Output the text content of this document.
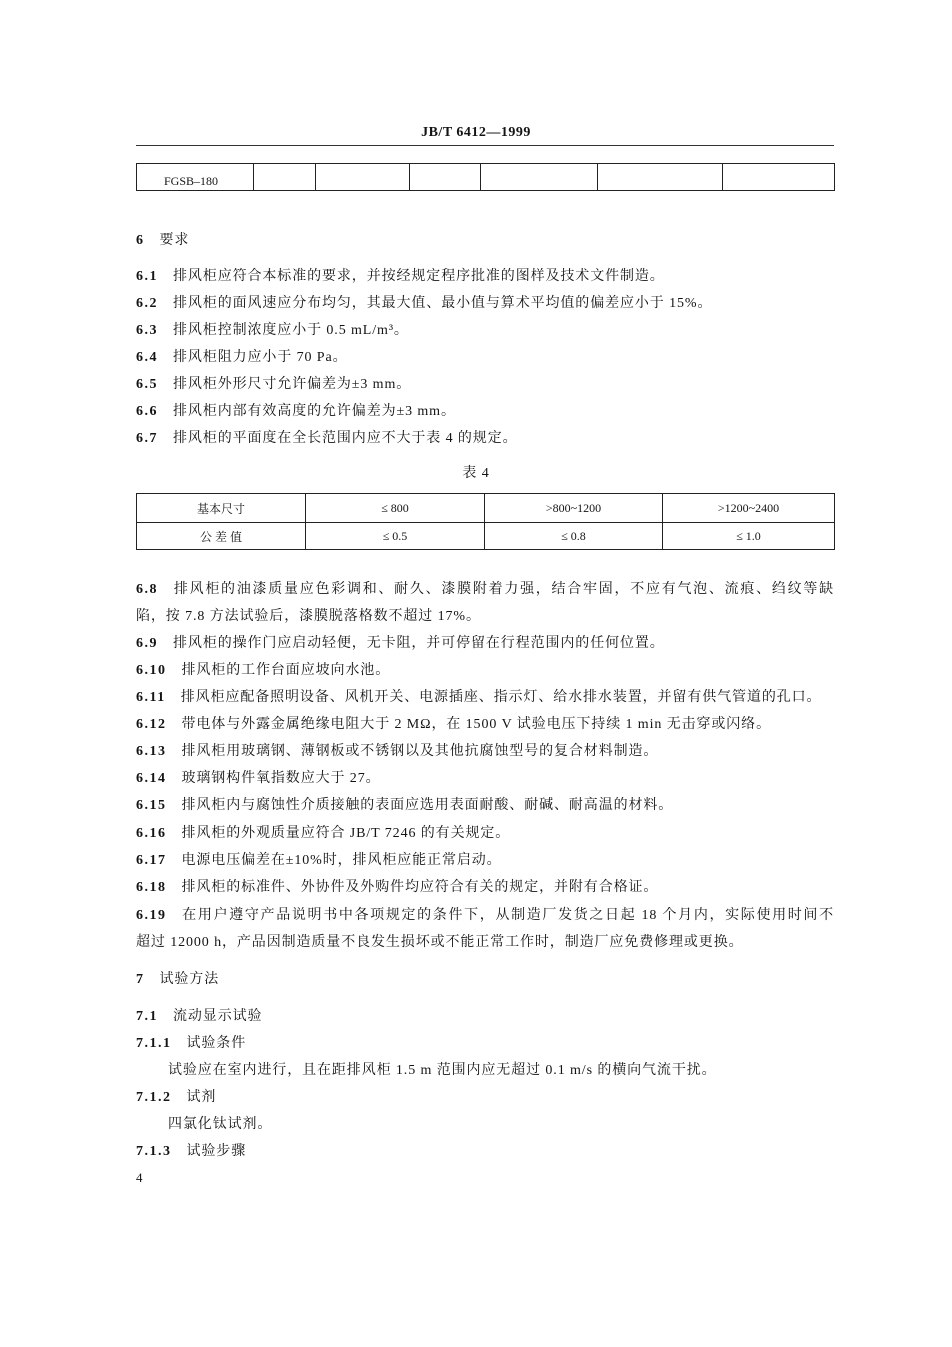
JB/T 6412—1999
FGSB–180						
6 要求
6.1 排风柜应符合本标准的要求，并按经规定程序批准的图样及技术文件制造。
6.2 排风柜的面风速应分布均匀，其最大值、最小值与算术平均值的偏差应小于 15%。
6.3 排风柜控制浓度应小于 0.5 mL/m³。
6.4 排风柜阻力应小于 70 Pa。
6.5 排风柜外形尺寸允许偏差为±3 mm。
6.6 排风柜内部有效高度的允许偏差为±3 mm。
6.7 排风柜的平面度在全长范围内应不大于表 4 的规定。
表 4
基本尺寸	≤ 800	>800~1200	>1200~2400
公 差 值	≤ 0.5	≤ 0.8	≤ 1.0
6.8 排风柜的油漆质量应色彩调和、耐久、漆膜附着力强，结合牢固，不应有气泡、流痕、绉纹等缺
陷，按 7.8 方法试验后，漆膜脱落格数不超过 17%。
6.9 排风柜的操作门应启动轻便，无卡阻，并可停留在行程范围内的任何位置。
6.10 排风柜的工作台面应坡向水池。
6.11 排风柜应配备照明设备、风机开关、电源插座、指示灯、给水排水装置，并留有供气管道的孔口。
6.12 带电体与外露金属绝缘电阻大于 2 MΩ，在 1500 V 试验电压下持续 1 min 无击穿或闪络。
6.13 排风柜用玻璃钢、薄钢板或不锈钢以及其他抗腐蚀型号的复合材料制造。
6.14 玻璃钢构件氧指数应大于 27。
6.15 排风柜内与腐蚀性介质接触的表面应选用表面耐酸、耐碱、耐高温的材料。
6.16 排风柜的外观质量应符合 JB/T 7246 的有关规定。
6.17 电源电压偏差在±10%时，排风柜应能正常启动。
6.18 排风柜的标准件、外协件及外购件均应符合有关的规定，并附有合格证。
6.19 在用户遵守产品说明书中各项规定的条件下，从制造厂发货之日起 18 个月内，实际使用时间不
超过 12000 h，产品因制造质量不良发生损坏或不能正常工作时，制造厂应免费修理或更换。
7 试验方法
7.1 流动显示试验
7.1.1 试验条件
试验应在室内进行，且在距排风柜 1.5 m 范围内应无超过 0.1 m/s 的横向气流干扰。
7.1.2 试剂
四氯化钛试剂。
7.1.3 试验步骤
4
